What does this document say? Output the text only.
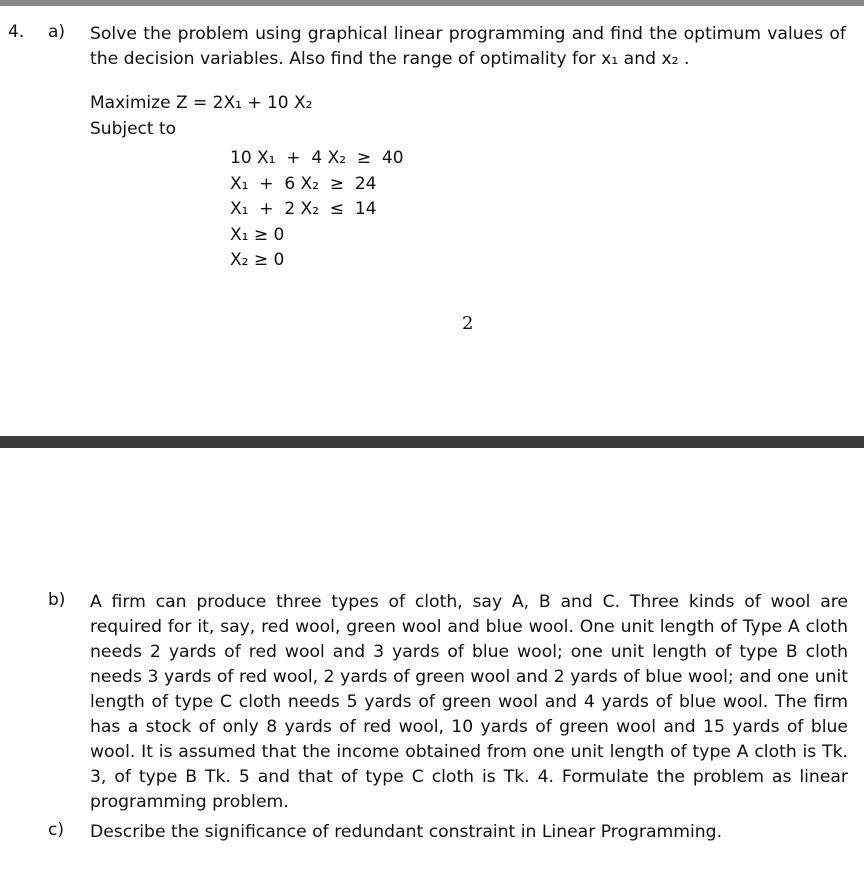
4. a) Solve the problem using graphical linear programming and find the optimum values of the decision variables. Also find the range of optimality for x₁ and x₂ .

Maximize Z = 2X₁ + 10 X₂
Subject to
10 X₁  +  4 X₂  ≥  40
X₁  +  6 X₂  ≥  24
X₁  +  2 X₂  ≤  14
X₁ ≥ 0
X₂ ≥ 0
2
b) A firm can produce three types of cloth, say A, B and C. Three kinds of wool are required for it, say, red wool, green wool and blue wool. One unit length of Type A cloth needs 2 yards of red wool and 3 yards of blue wool; one unit length of type B cloth needs 3 yards of red wool, 2 yards of green wool and 2 yards of blue wool; and one unit length of type C cloth needs 5 yards of green wool and 4 yards of blue wool. The firm has a stock of only 8 yards of red wool, 10 yards of green wool and 15 yards of blue wool. It is assumed that the income obtained from one unit length of type A cloth is Tk. 3, of type B Tk. 5 and that of type C cloth is Tk. 4. Formulate the problem as linear programming problem.

c) Describe the significance of redundant constraint in Linear Programming.
